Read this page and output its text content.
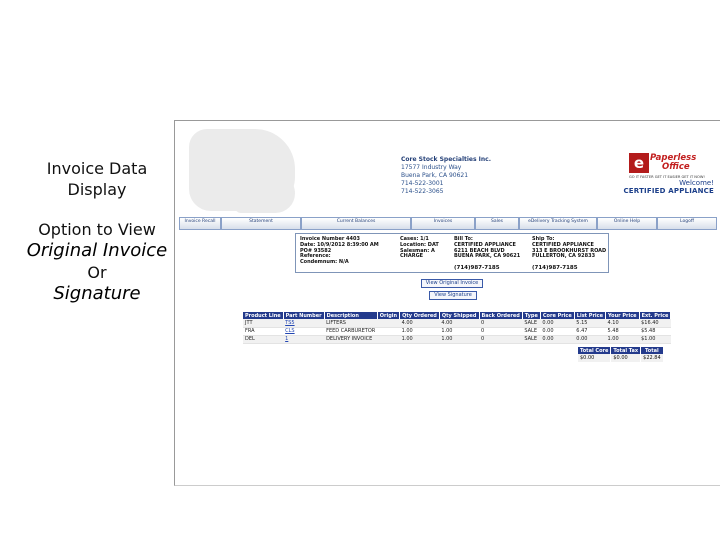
Invoice Data
Display
Option to View
Original Invoice
Or
Signature
Core Stock Specialties Inc.
17577 Industry Way
Buena Park, CA 90621
714-522-3001
714-522-3065
e Paperless
Office
GO IT FASTER GET IT EASIER GET IT NOW!
Welcome!
CERTIFIED APPLIANCE
Invoice Recall	Statement	Current Balances	Invoices	Sales	eDelivery Tracking System	Online Help	Logoff
Invoice Number 4403
Date: 10/9/2012 8:39:00 AM
PO# 93582
Reference:
Condemnum: N/A
Cases: 1/1
Location: DAT
Salesman: A
CHARGE
Bill To:
CERTIFIED APPLIANCE
6211 BEACH BLVD
BUENA PARK, CA 90621
Ship To:
CERTIFIED APPLIANCE
313 E BROOKHURST ROAD
FULLERTON, CA 92833
(714)987-7185	(714)987-7185
View Original Invoice
View Signature
Product Line	Part Number	Description	Origin	Qty Ordered	Qty Shipped	Back Ordered	Type	Core Price	List Price	Your Price	Ext. Price
JTT	TS5	LIFTERS		4.00	4.00	0	SALE	0.00	5.15	4.10	$16.40
FRA	CLS	FEED CARBURETOR		1.00	1.00	0	SALE	0.00	6.47	5.48	$5.48
DEL	1	DELIVERY INVOICE		1.00	1.00	0	SALE	0.00	0.00	1.00	$1.00
Total Core	Total Tax	Total
$0.00	$0.00	$22.84
